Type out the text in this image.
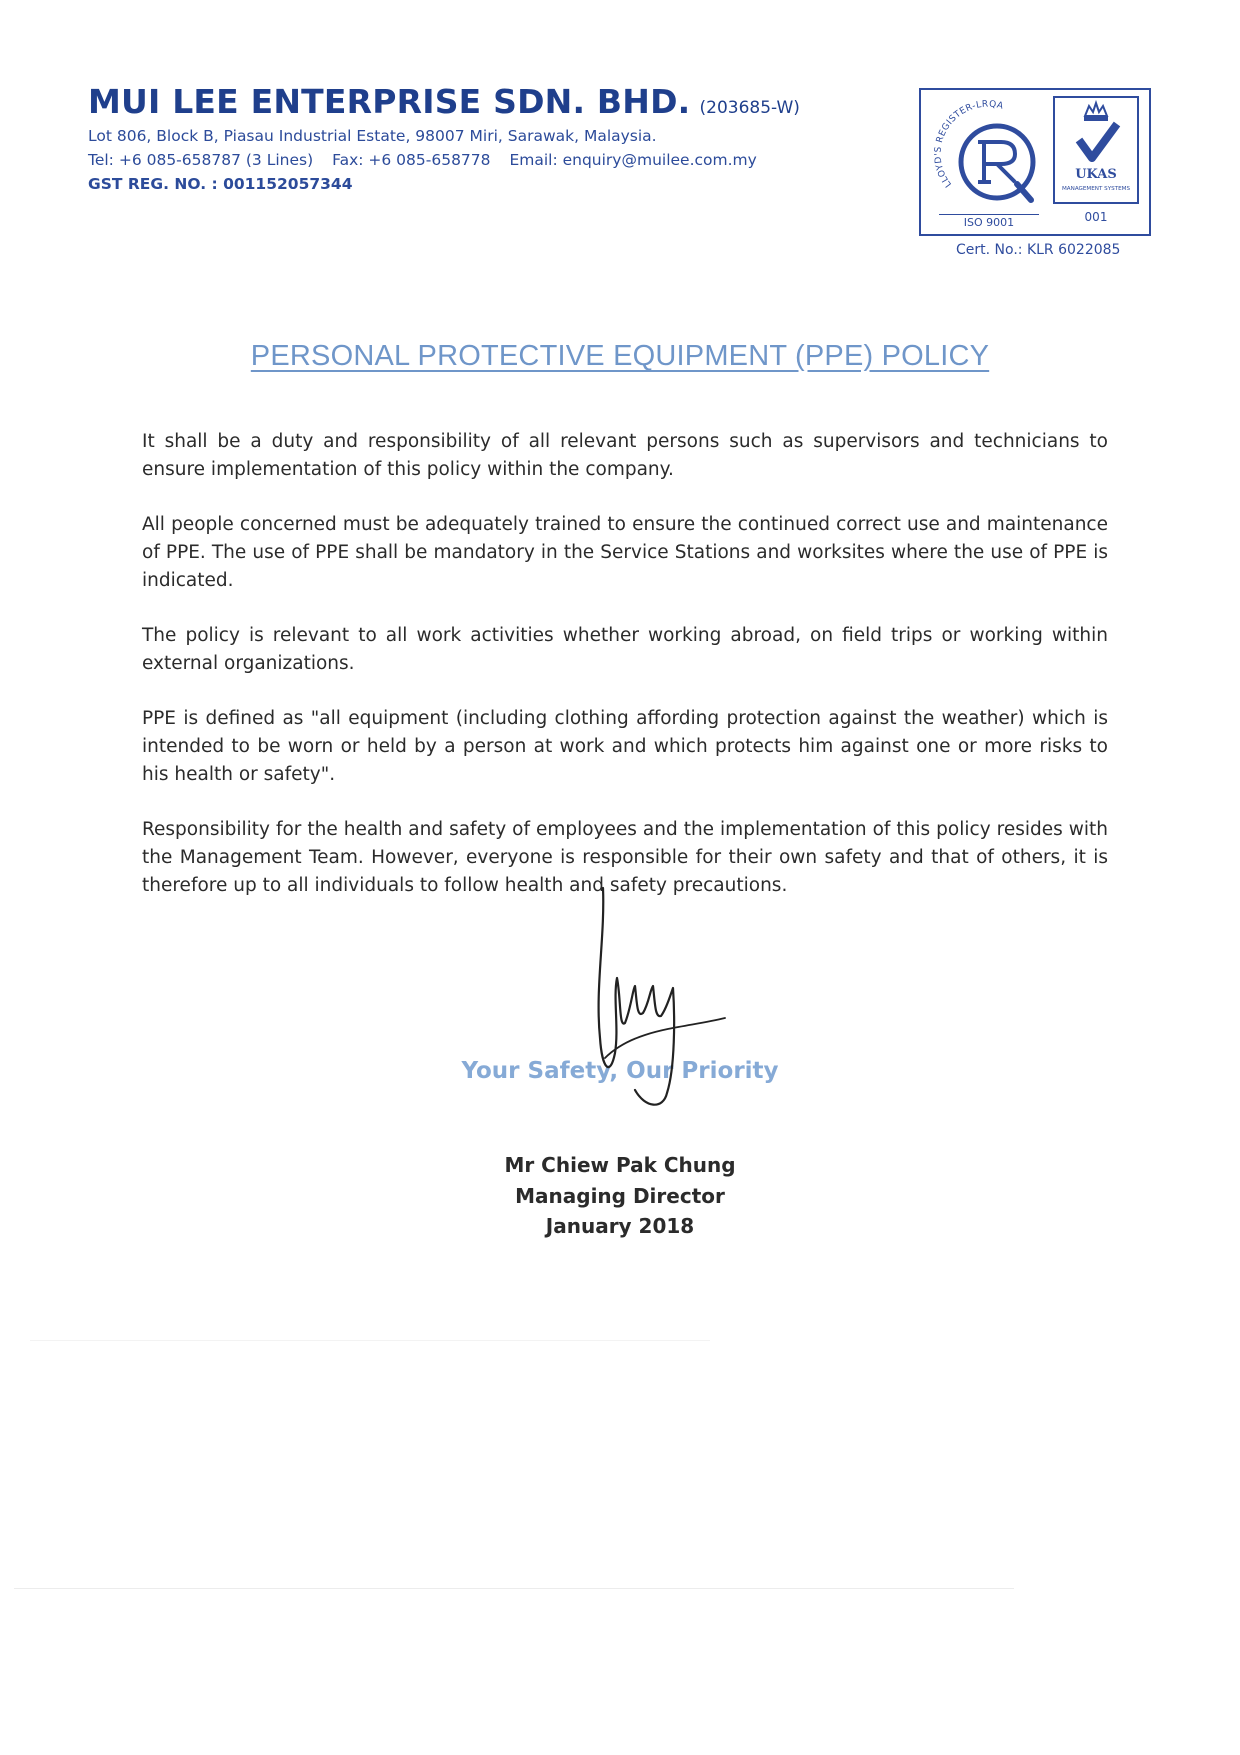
MUI LEE ENTERPRISE SDN. BHD. (203685-W)
Lot 806, Block B, Piasau Industrial Estate, 98007 Miri, Sarawak, Malaysia.
Tel: +6 085-658787 (3 Lines) Fax: +6 085-658778 Email: enquiry@muilee.com.my
GST REG. NO. : 001152057344	LLOYD'S REGISTER-LRQA
ISO 9001
UKAS
MANAGEMENT SYSTEMS
001
Cert. No.: KLR 6022085
PERSONAL PROTECTIVE EQUIPMENT (PPE) POLICY

It shall be a duty and responsibility of all relevant persons such as supervisors and technicians to ensure implementation of this policy within the company.

All people concerned must be adequately trained to ensure the continued correct use and maintenance of PPE. The use of PPE shall be mandatory in the Service Stations and worksites where the use of PPE is indicated.

The policy is relevant to all work activities whether working abroad, on field trips or working within external organizations.

PPE is defined as "all equipment (including clothing affording protection against the weather) which is intended to be worn or held by a person at work and which protects him against one or more risks to his health or safety".

Responsibility for the health and safety of employees and the implementation of this policy resides with the Management Team. However, everyone is responsible for their own safety and that of others, it is therefore up to all individuals to follow health and safety precautions.

Your Safety, Our Priority
Mr Chiew Pak Chung
Managing Director
January 2018
